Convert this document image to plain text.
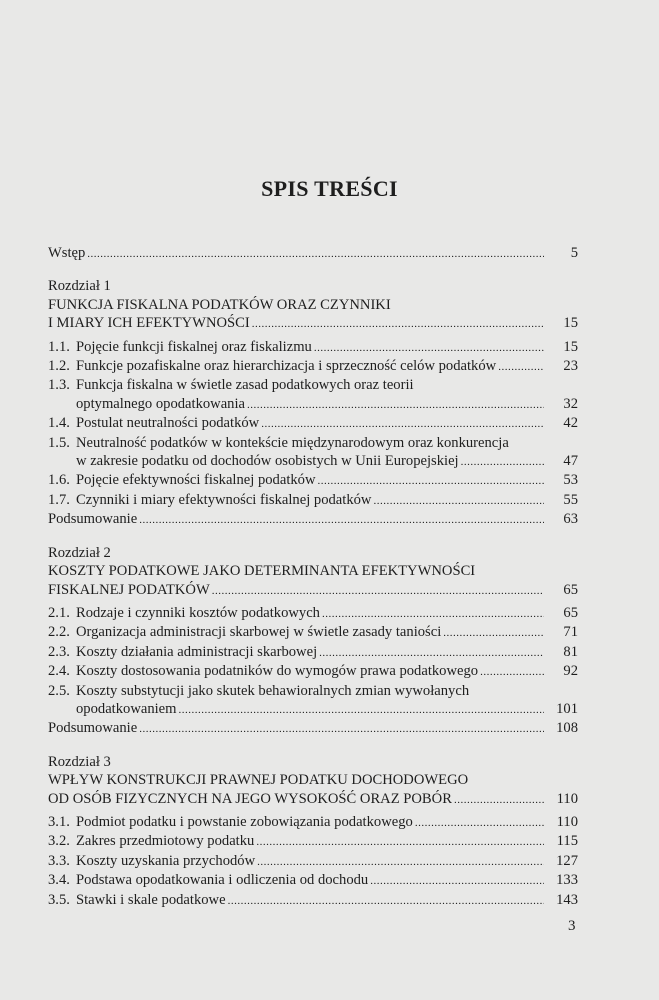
SPIS TREŚCI
Wstęp .....	5
Rozdział 1
FUNKCJA FISKALNA PODATKÓW ORAZ CZYNNIKI
I MIARY ICH EFEKTYWNOŚCI .....	15
1.1. Pojęcie funkcji fiskalnej oraz fiskalizmu .....	15
1.2. Funkcje pozafiskalne oraz hierarchizacja i sprzeczność celów podatków .....	23
1.3. Funkcja fiskalna w świetle zasad podatkowych oraz teorii
optymalnego opodatkowania .....	32
1.4. Postulat neutralności podatków .....	42
1.5. Neutralność podatków w kontekście międzynarodowym oraz konkurencja
w zakresie podatku od dochodów osobistych w Unii Europejskiej .....	47
1.6. Pojęcie efektywności fiskalnej podatków .....	53
1.7. Czynniki i miary efektywności fiskalnej podatków .....	55
Podsumowanie .....	63
Rozdział 2
KOSZTY PODATKOWE JAKO DETERMINANTA EFEKTYWNOŚCI
FISKALNEJ PODATKÓW .....	65
2.1. Rodzaje i czynniki kosztów podatkowych .....	65
2.2. Organizacja administracji skarbowej w świetle zasady taniości .....	71
2.3. Koszty działania administracji skarbowej .....	81
2.4. Koszty dostosowania podatników do wymogów prawa podatkowego .....	92
2.5. Koszty substytucji jako skutek behawioralnych zmian wywołanych
opodatkowaniem .....	101
Podsumowanie .....	108
Rozdział 3
WPŁYW KONSTRUKCJI PRAWNEJ PODATKU DOCHODOWEGO
OD OSÓB FIZYCZNYCH NA JEGO WYSOKOŚĆ ORAZ POBÓR .....	110
3.1. Podmiot podatku i powstanie zobowiązania podatkowego .....	110
3.2. Zakres przedmiotowy podatku .....	115
3.3. Koszty uzyskania przychodów .....	127
3.4. Podstawa opodatkowania i odliczenia od dochodu .....	133
3.5. Stawki i skale podatkowe .....	143
3
